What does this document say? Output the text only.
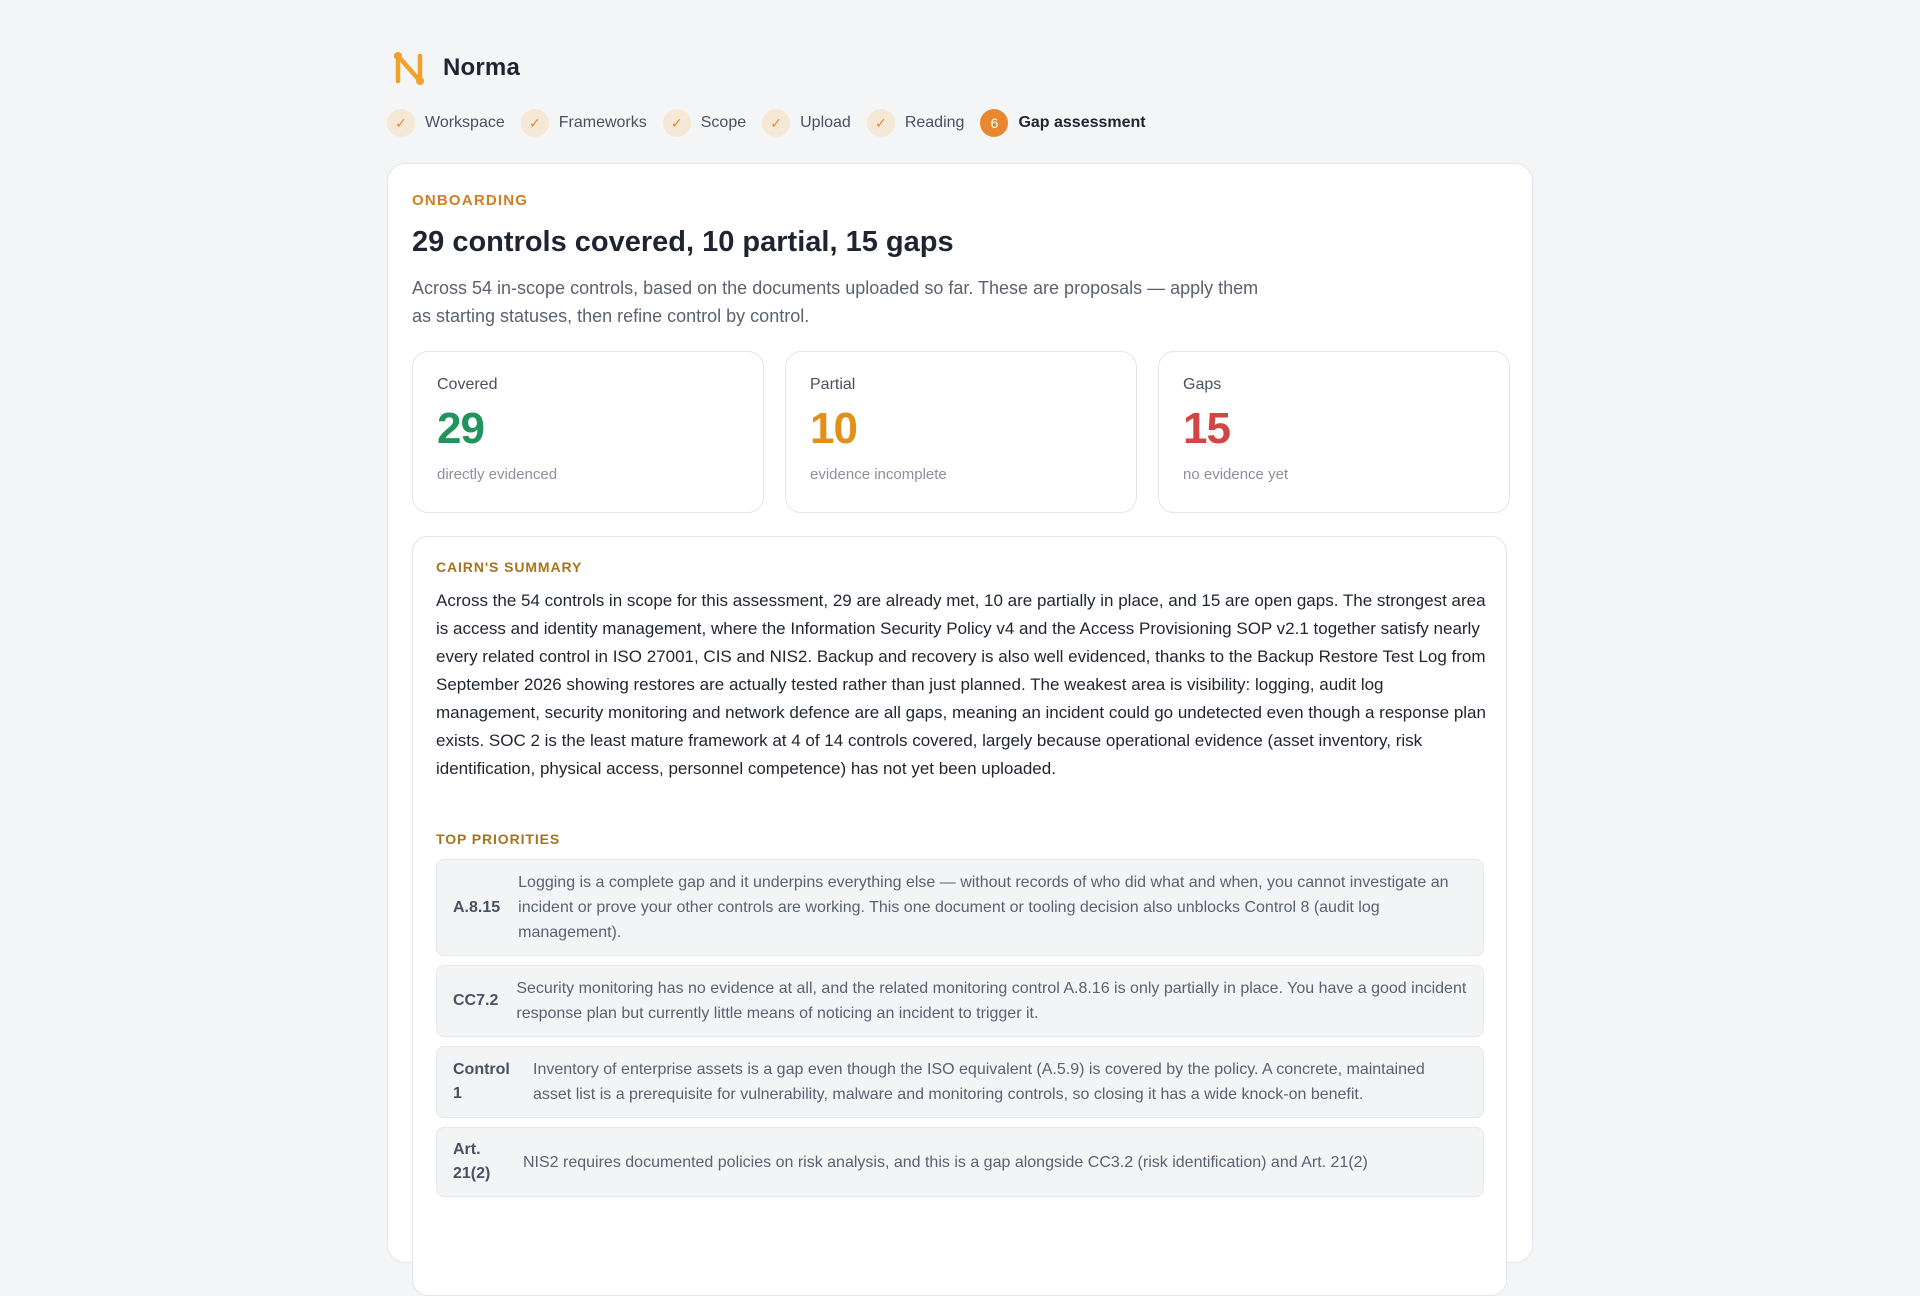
Norma
✓	Workspace	✓	Frameworks	✓	Scope	✓	Upload	✓	Reading	6	Gap assessment
ONBOARDING
29 controls covered, 10 partial, 15 gaps

Across 54 in-scope controls, based on the documents uploaded so far. These are proposals — apply them as starting statuses, then refine control by control.

Covered
29
directly evidenced
Partial
10
evidence incomplete
Gaps
15
no evidence yet
CAIRN'S SUMMARY

Across the 54 controls in scope for this assessment, 29 are already met, 10 are partially in place, and 15 are open gaps. The strongest area is access and identity management, where the Information Security Policy v4 and the Access Provisioning SOP v2.1 together satisfy nearly every related control in ISO 27001, CIS and NIS2. Backup and recovery is also well evidenced, thanks to the Backup Restore Test Log from September 2026 showing restores are actually tested rather than just planned. The weakest area is visibility: logging, audit log management, security monitoring and network defence are all gaps, meaning an incident could go undetected even though a response plan exists. SOC 2 is the least mature framework at 4 of 14 controls covered, largely because operational evidence (asset inventory, risk identification, physical access, personnel competence) has not yet been uploaded.

TOP PRIORITIES
A.8.15
Logging is a complete gap and it underpins everything else — without records of who did what and when, you cannot investigate an incident or prove your other controls are working. This one document or tooling decision also unblocks Control 8 (audit log management).
CC7.2
Security monitoring has no evidence at all, and the related monitoring control A.8.16 is only partially in place. You have a good incident response plan but currently little means of noticing an incident to trigger it.
Control 1
Inventory of enterprise assets is a gap even though the ISO equivalent (A.5.9) is covered by the policy. A concrete, maintained asset list is a prerequisite for vulnerability, malware and monitoring controls, so closing it has a wide knock-on benefit.
Art. 21(2)
NIS2 requires documented policies on risk analysis, and this is a gap alongside CC3.2 (risk identification) and Art. 21(2)
